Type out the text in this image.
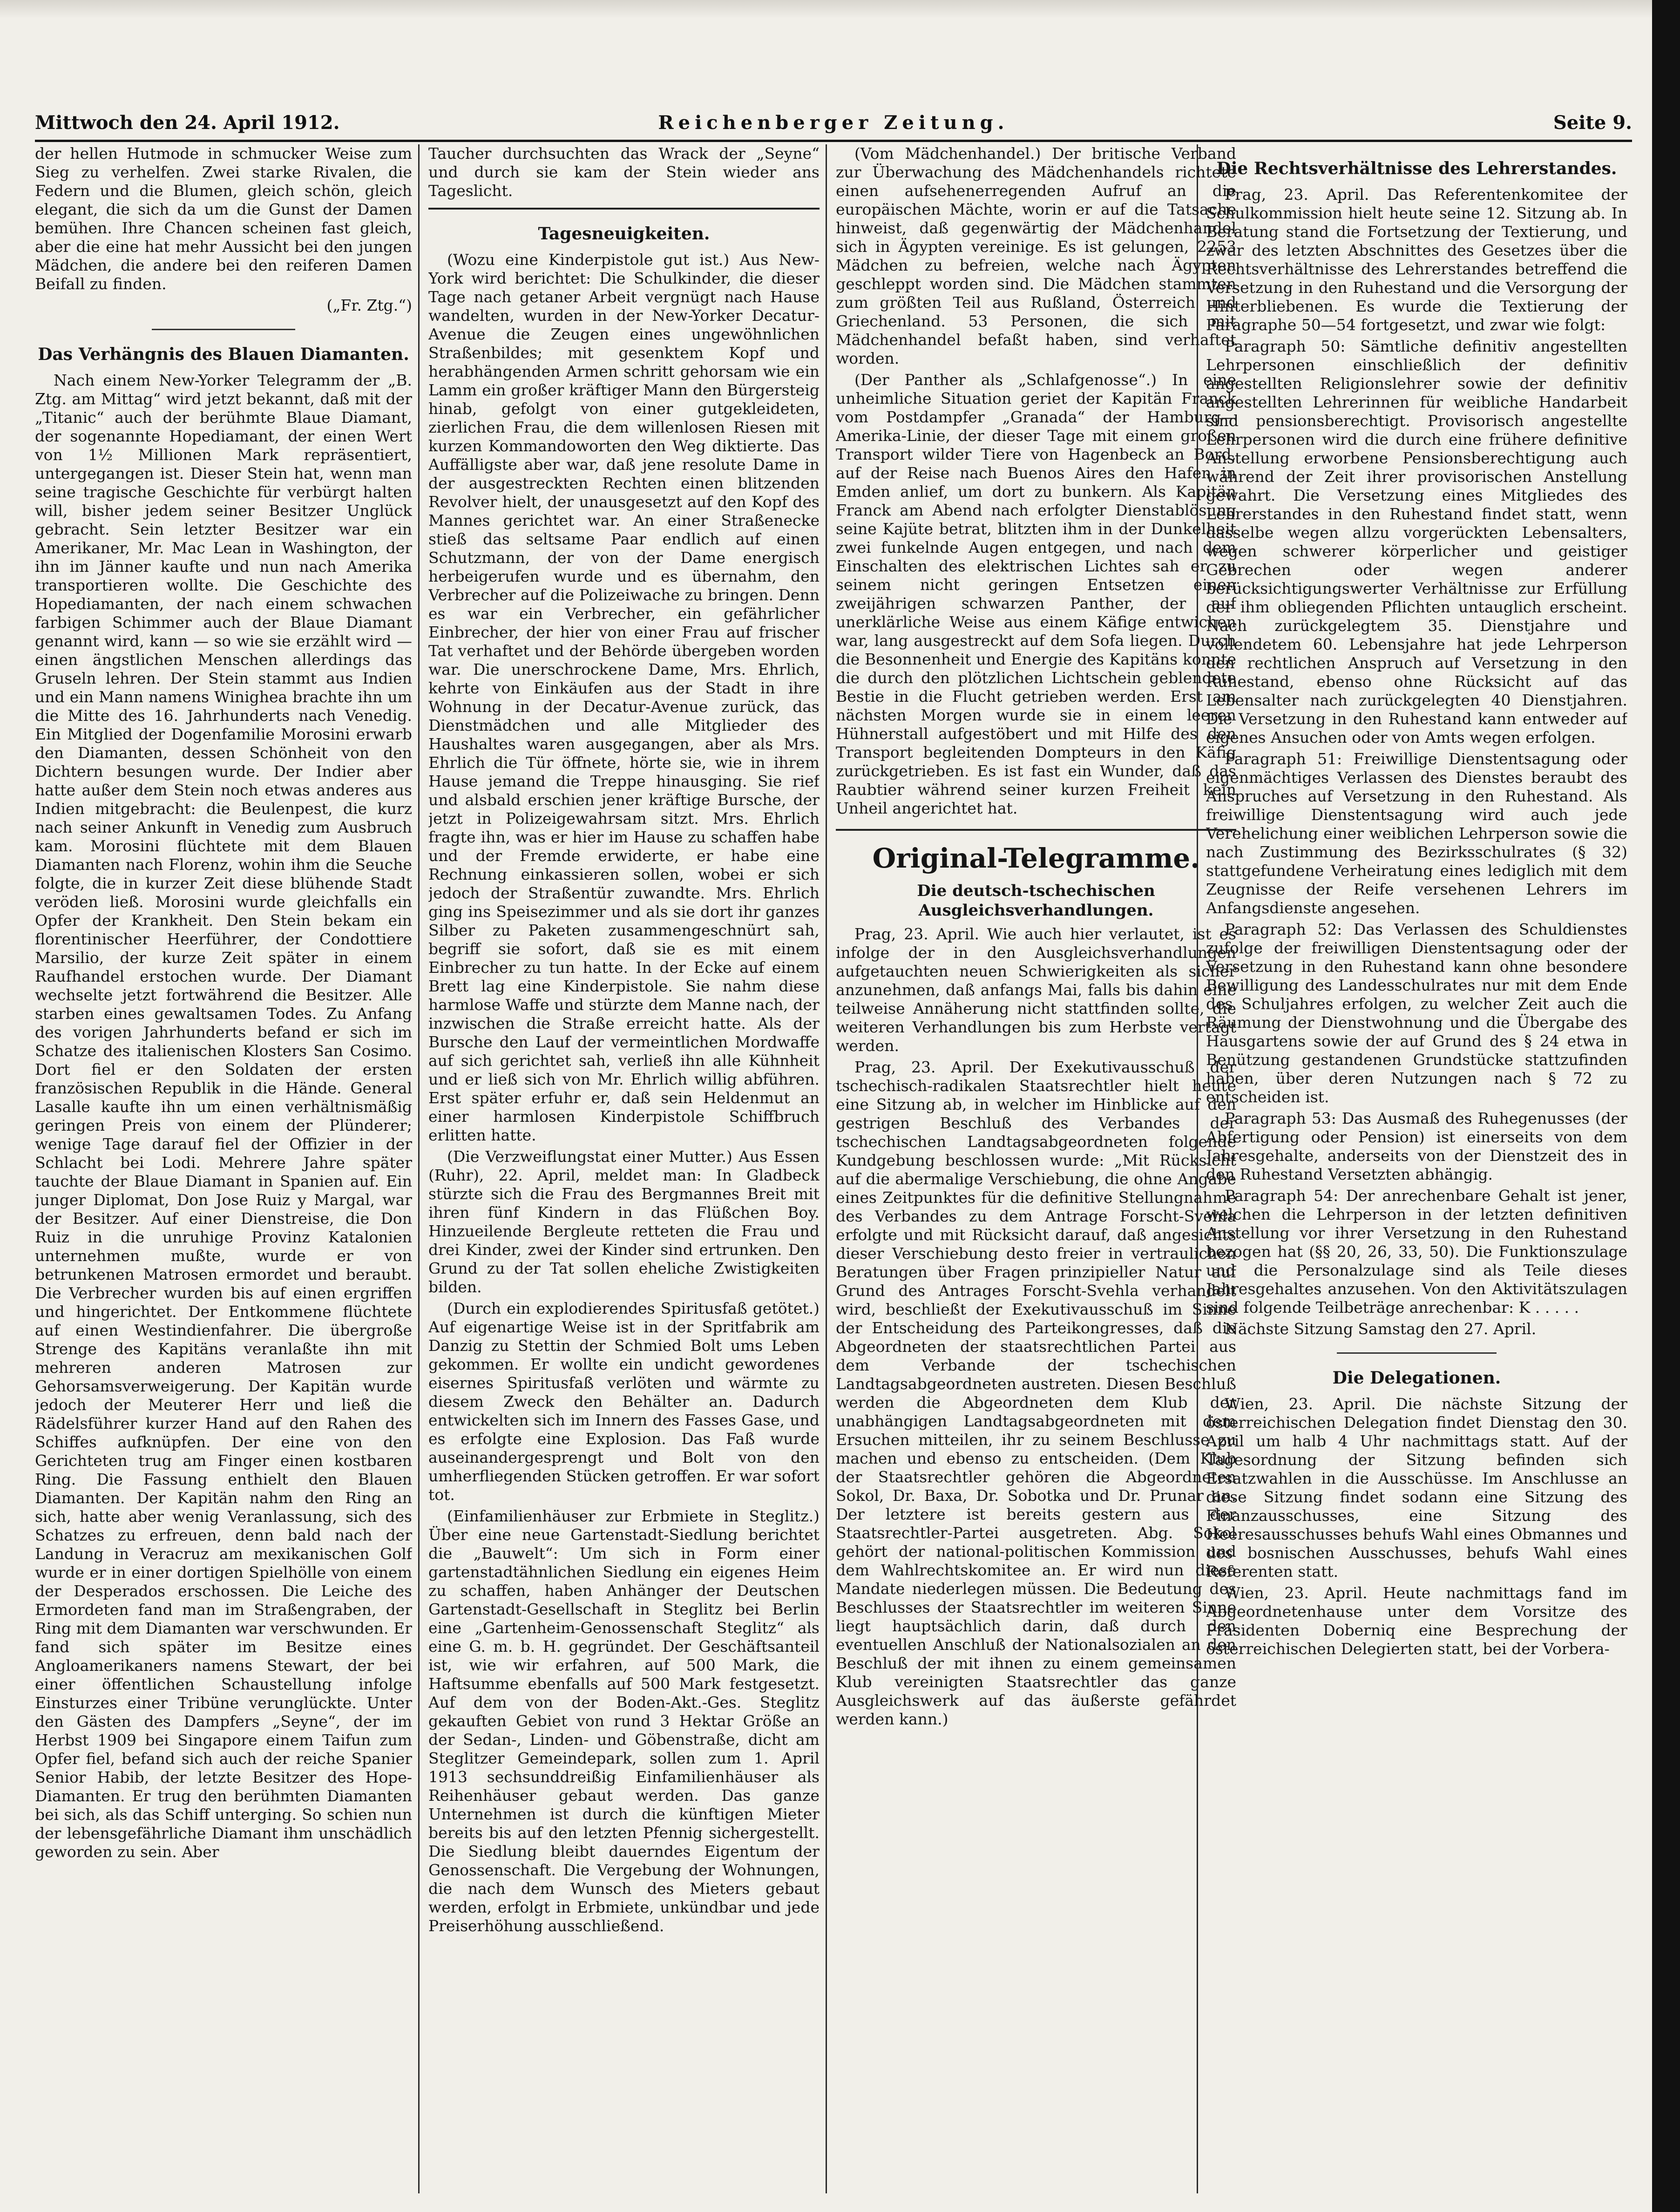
Mittwoch den 24. April 1912.	Reichenberger Zeitung.	Seite 9.

der hellen Hutmode in schmucker Weise zum Sieg zu verhelfen. Zwei starke Rivalen, die Federn und die Blumen, gleich schön, gleich elegant, die sich da um die Gunst der Damen bemühen. Ihre Chancen scheinen fast gleich, aber die eine hat mehr Aussicht bei den jungen Mädchen, die andere bei den reiferen Damen Beifall zu finden.

(„Fr. Ztg.“)

Das Verhängnis des Blauen Diamanten.

Nach einem New-Yorker Telegramm der „B. Ztg. am Mittag“ wird jetzt bekannt, daß mit der „Titanic“ auch der berühmte Blaue Diamant, der sogenannte Hopediamant, der einen Wert von 1½ Millionen Mark repräsentiert, untergegangen ist. Dieser Stein hat, wenn man seine tragische Geschichte für verbürgt halten will, bisher jedem seiner Besitzer Unglück gebracht. Sein letzter Besitzer war ein Amerikaner, Mr. Mac Lean in Washington, der ihn im Jänner kaufte und nun nach Amerika transportieren wollte. Die Geschichte des Hopediamanten, der nach einem schwachen farbigen Schimmer auch der Blaue Diamant genannt wird, kann — so wie sie erzählt wird — einen ängstlichen Menschen allerdings das Gruseln lehren. Der Stein stammt aus Indien und ein Mann namens Winighea brachte ihn um die Mitte des 16. Jahrhunderts nach Venedig. Ein Mitglied der Dogenfamilie Morosini erwarb den Diamanten, dessen Schönheit von den Dichtern besungen wurde. Der Indier aber hatte außer dem Stein noch etwas anderes aus Indien mitgebracht: die Beulenpest, die kurz nach seiner Ankunft in Venedig zum Ausbruch kam. Morosini flüchtete mit dem Blauen Diamanten nach Florenz, wohin ihm die Seuche folgte, die in kurzer Zeit diese blühende Stadt veröden ließ. Morosini wurde gleichfalls ein Opfer der Krankheit. Den Stein bekam ein florentinischer Heerführer, der Condottiere Marsilio, der kurze Zeit später in einem Raufhandel erstochen wurde. Der Diamant wechselte jetzt fortwährend die Besitzer. Alle starben eines gewaltsamen Todes. Zu Anfang des vorigen Jahrhunderts befand er sich im Schatze des italienischen Klosters San Cosimo. Dort fiel er den Soldaten der ersten französischen Republik in die Hände. General Lasalle kaufte ihn um einen verhältnismäßig geringen Preis von einem der Plünderer; wenige Tage darauf fiel der Offizier in der Schlacht bei Lodi. Mehrere Jahre später tauchte der Blaue Diamant in Spanien auf. Ein junger Diplomat, Don Jose Ruiz y Margal, war der Besitzer. Auf einer Dienstreise, die Don Ruiz in die unruhige Provinz Katalonien unternehmen mußte, wurde er von betrunkenen Matrosen ermordet und beraubt. Die Verbrecher wurden bis auf einen ergriffen und hingerichtet. Der Entkommene flüchtete auf einen Westindienfahrer. Die übergroße Strenge des Kapitäns veranlaßte ihn mit mehreren anderen Matrosen zur Gehorsamsverweigerung. Der Kapitän wurde jedoch der Meuterer Herr und ließ die Rädelsführer kurzer Hand auf den Rahen des Schiffes aufknüpfen. Der eine von den Gerichteten trug am Finger einen kostbaren Ring. Die Fassung enthielt den Blauen Diamanten. Der Kapitän nahm den Ring an sich, hatte aber wenig Veranlassung, sich des Schatzes zu erfreuen, denn bald nach der Landung in Veracruz am mexikanischen Golf wurde er in einer dortigen Spielhölle von einem der Desperados erschossen. Die Leiche des Ermordeten fand man im Straßengraben, der Ring mit dem Diamanten war verschwunden. Er fand sich später im Besitze eines Angloamerikaners namens Stewart, der bei einer öffentlichen Schaustellung infolge Einsturzes einer Tribüne verunglückte. Unter den Gästen des Dampfers „Seyne“, der im Herbst 1909 bei Singapore einem Taifun zum Opfer fiel, befand sich auch der reiche Spanier Senior Habib, der letzte Besitzer des Hope-Diamanten. Er trug den berühmten Diamanten bei sich, als das Schiff unterging. So schien nun der lebensgefährliche Diamant ihm unschädlich geworden zu sein. Aber

Taucher durchsuchten das Wrack der „Seyne“ und durch sie kam der Stein wieder ans Tageslicht.

Tagesneuigkeiten.

(Wozu eine Kinderpistole gut ist.) Aus New-York wird berichtet: Die Schulkinder, die dieser Tage nach getaner Arbeit vergnügt nach Hause wandelten, wurden in der New-Yorker Decatur-Avenue die Zeugen eines ungewöhnlichen Straßenbildes; mit gesenktem Kopf und herabhängenden Armen schritt gehorsam wie ein Lamm ein großer kräftiger Mann den Bürgersteig hinab, gefolgt von einer gutgekleideten, zierlichen Frau, die dem willenlosen Riesen mit kurzen Kommandoworten den Weg diktierte. Das Auffälligste aber war, daß jene resolute Dame in der ausgestreckten Rechten einen blitzenden Revolver hielt, der unausgesetzt auf den Kopf des Mannes gerichtet war. An einer Straßenecke stieß das seltsame Paar endlich auf einen Schutzmann, der von der Dame energisch herbeigerufen wurde und es übernahm, den Verbrecher auf die Polizeiwache zu bringen. Denn es war ein Verbrecher, ein gefährlicher Einbrecher, der hier von einer Frau auf frischer Tat verhaftet und der Behörde übergeben worden war. Die unerschrockene Dame, Mrs. Ehrlich, kehrte von Einkäufen aus der Stadt in ihre Wohnung in der Decatur-Avenue zurück, das Dienstmädchen und alle Mitglieder des Haushaltes waren ausgegangen, aber als Mrs. Ehrlich die Tür öffnete, hörte sie, wie in ihrem Hause jemand die Treppe hinausging. Sie rief und alsbald erschien jener kräftige Bursche, der jetzt in Polizeigewahrsam sitzt. Mrs. Ehrlich fragte ihn, was er hier im Hause zu schaffen habe und der Fremde erwiderte, er habe eine Rechnung einkassieren sollen, wobei er sich jedoch der Straßentür zuwandte. Mrs. Ehrlich ging ins Speisezimmer und als sie dort ihr ganzes Silber zu Paketen zusammengeschnürt sah, begriff sie sofort, daß sie es mit einem Einbrecher zu tun hatte. In der Ecke auf einem Brett lag eine Kinderpistole. Sie nahm diese harmlose Waffe und stürzte dem Manne nach, der inzwischen die Straße erreicht hatte. Als der Bursche den Lauf der vermeintlichen Mordwaffe auf sich gerichtet sah, verließ ihn alle Kühnheit und er ließ sich von Mr. Ehrlich willig abführen. Erst später erfuhr er, daß sein Heldenmut an einer harmlosen Kinderpistole Schiffbruch erlitten hatte.

(Die Verzweiflungstat einer Mutter.) Aus Essen (Ruhr), 22. April, meldet man: In Gladbeck stürzte sich die Frau des Bergmannes Breit mit ihren fünf Kindern in das Flüßchen Boy. Hinzueilende Bergleute retteten die Frau und drei Kinder, zwei der Kinder sind ertrunken. Den Grund zu der Tat sollen eheliche Zwistigkeiten bilden.

(Durch ein explodierendes Spiritusfaß getötet.) Auf eigenartige Weise ist in der Spritfabrik am Danzig zu Stettin der Schmied Bolt ums Leben gekommen. Er wollte ein undicht gewordenes eisernes Spiritusfaß verlöten und wärmte zu diesem Zweck den Behälter an. Dadurch entwickelten sich im Innern des Fasses Gase, und es erfolgte eine Explosion. Das Faß wurde auseinandergesprengt und Bolt von den umherfliegenden Stücken getroffen. Er war sofort tot.

(Einfamilienhäuser zur Erbmiete in Steglitz.) Über eine neue Gartenstadt-Siedlung berichtet die „Bauwelt“: Um sich in Form einer gartenstadtähnlichen Siedlung ein eigenes Heim zu schaffen, haben Anhänger der Deutschen Gartenstadt-Gesellschaft in Steglitz bei Berlin eine „Gartenheim-Genossenschaft Steglitz“ als eine G. m. b. H. gegründet. Der Geschäftsanteil ist, wie wir erfahren, auf 500 Mark, die Haftsumme ebenfalls auf 500 Mark festgesetzt. Auf dem von der Boden-Akt.-Ges. Steglitz gekauften Gebiet von rund 3 Hektar Größe an der Sedan-, Linden- und Göbenstraße, dicht am Steglitzer Gemeindepark, sollen zum 1. April 1913 sechsunddreißig Einfamilienhäuser als Reihenhäuser gebaut werden. Das ganze Unternehmen ist durch die künftigen Mieter bereits bis auf den letzten Pfennig sichergestellt. Die Siedlung bleibt dauerndes Eigentum der Genossenschaft. Die Vergebung der Wohnungen, die nach dem Wunsch des Mieters gebaut werden, erfolgt in Erbmiete, unkündbar und jede Preiserhöhung ausschließend.

(Vom Mädchenhandel.) Der britische Verband zur Überwachung des Mädchenhandels richtete einen aufsehenerregenden Aufruf an die europäischen Mächte, worin er auf die Tatsache hinweist, daß gegenwärtig der Mädchenhandel sich in Ägypten vereinige. Es ist gelungen, 2253 Mädchen zu befreien, welche nach Ägypten geschleppt worden sind. Die Mädchen stammten zum größten Teil aus Rußland, Österreich und Griechenland. 53 Personen, die sich mit Mädchenhandel befaßt haben, sind verhaftet worden.

(Der Panther als „Schlafgenosse“.) In eine unheimliche Situation geriet der Kapitän Franck vom Postdampfer „Granada“ der Hamburg—Amerika-Linie, der dieser Tage mit einem großen Transport wilder Tiere von Hagenbeck an Bord, auf der Reise nach Buenos Aires den Hafen in Emden anlief, um dort zu bunkern. Als Kapitän Franck am Abend nach erfolgter Dienstablösung seine Kajüte betrat, blitzten ihm in der Dunkelheit zwei funkelnde Augen entgegen, und nach dem Einschalten des elektrischen Lichtes sah er zu seinem nicht geringen Entsetzen einen zweijährigen schwarzen Panther, der auf unerklärliche Weise aus einem Käfige entwichen war, lang ausgestreckt auf dem Sofa liegen. Durch die Besonnenheit und Energie des Kapitäns konnte die durch den plötzlichen Lichtschein geblendete Bestie in die Flucht getrieben werden. Erst am nächsten Morgen wurde sie in einem leeren Hühnerstall aufgestöbert und mit Hilfe des den Transport begleitenden Dompteurs in den Käfig zurückgetrieben. Es ist fast ein Wunder, daß das Raubtier während seiner kurzen Freiheit kein Unheil angerichtet hat.

Original-Telegramme.
Die deutsch-tschechischen Ausgleichsverhandlungen.

Prag, 23. April. Wie auch hier verlautet, ist es infolge der in den Ausgleichsverhandlungen aufgetauchten neuen Schwierigkeiten als sicher anzunehmen, daß anfangs Mai, falls bis dahin eine teilweise Annäherung nicht stattfinden sollte, die weiteren Verhandlungen bis zum Herbste vertagt werden.

Prag, 23. April. Der Exekutivausschuß der tschechisch-radikalen Staatsrechtler hielt heute eine Sitzung ab, in welcher im Hinblicke auf den gestrigen Beschluß des Verbandes der tschechischen Landtagsabgeordneten folgende Kundgebung beschlossen wurde: „Mit Rücksicht auf die abermalige Verschiebung, die ohne Angabe eines Zeitpunktes für die definitive Stellungnahme des Verbandes zu dem Antrage Forscht-Svehla erfolgte und mit Rücksicht darauf, daß angesichts dieser Verschiebung desto freier in vertraulichen Beratungen über Fragen prinzipieller Natur auf Grund des Antrages Forscht-Svehla verhandelt wird, beschließt der Exekutivausschuß im Sinne der Entscheidung des Parteikongresses, daß die Abgeordneten der staatsrechtlichen Partei aus dem Verbande der tschechischen Landtagsabgeordneten austreten. Diesen Beschluß werden die Abgeordneten dem Klub der unabhängigen Landtagsabgeordneten mit dem Ersuchen mitteilen, ihr zu seinem Beschlusse zu machen und ebenso zu entscheiden. (Dem Klub der Staatsrechtler gehören die Abgeordneten Sokol, Dr. Baxa, Dr. Sobotka und Dr. Prunar an. Der letztere ist bereits gestern aus der Staatsrechtler-Partei ausgetreten. Abg. Sokol gehört der national-politischen Kommission und dem Wahlrechtskomitee an. Er wird nun diese Mandate niederlegen müssen. Die Bedeutung des Beschlusses der Staatsrechtler im weiteren Sinne liegt hauptsächlich darin, daß durch den eventuellen Anschluß der Nationalsozialen an den Beschluß der mit ihnen zu einem gemeinsamen Klub vereinigten Staatsrechtler das ganze Ausgleichswerk auf das äußerste gefährdet werden kann.)

Die Rechtsverhältnisse des Lehrerstandes.

Prag, 23. April. Das Referentenkomitee der Schulkommission hielt heute seine 12. Sitzung ab. In Beratung stand die Fortsetzung der Textierung, und zwar des letzten Abschnittes des Gesetzes über die Rechtsverhältnisse des Lehrerstandes betreffend die Versetzung in den Ruhestand und die Versorgung der Hinterbliebenen. Es wurde die Textierung der Paragraphe 50—54 fortgesetzt, und zwar wie folgt:

Paragraph 50: Sämtliche definitiv angestellten Lehrpersonen einschließlich der definitiv angestellten Religionslehrer sowie der definitiv angestellten Lehrerinnen für weibliche Handarbeit sind pensionsberechtigt. Provisorisch angestellte Lehrpersonen wird die durch eine frühere definitive Anstellung erworbene Pensionsberechtigung auch während der Zeit ihrer provisorischen Anstellung gewahrt. Die Versetzung eines Mitgliedes des Lehrerstandes in den Ruhestand findet statt, wenn dasselbe wegen allzu vorgerückten Lebensalters, wegen schwerer körperlicher und geistiger Gebrechen oder wegen anderer berücksichtigungswerter Verhältnisse zur Erfüllung der ihm obliegenden Pflichten untauglich erscheint. Nach zurückgelegtem 35. Dienstjahre und vollendetem 60. Lebensjahre hat jede Lehrperson den rechtlichen Anspruch auf Versetzung in den Ruhestand, ebenso ohne Rücksicht auf das Lebensalter nach zurückgelegten 40 Dienstjahren. Die Versetzung in den Ruhestand kann entweder auf eigenes Ansuchen oder von Amts wegen erfolgen.

Paragraph 51: Freiwillige Dienstentsagung oder eigenmächtiges Verlassen des Dienstes beraubt des Anspruches auf Versetzung in den Ruhestand. Als freiwillige Dienstentsagung wird auch jede Verehelichung einer weiblichen Lehrperson sowie die nach Zustimmung des Bezirksschulrates (§ 32) stattgefundene Verheiratung eines lediglich mit dem Zeugnisse der Reife versehenen Lehrers im Anfangsdienste angesehen.

Paragraph 52: Das Verlassen des Schuldienstes zufolge der freiwilligen Dienstentsagung oder der Versetzung in den Ruhestand kann ohne besondere Bewilligung des Landesschulrates nur mit dem Ende des Schuljahres erfolgen, zu welcher Zeit auch die Räumung der Dienstwohnung und die Übergabe des Hausgartens sowie der auf Grund des § 24 etwa in Benützung gestandenen Grundstücke stattzufinden haben, über deren Nutzungen nach § 72 zu entscheiden ist.

Paragraph 53: Das Ausmaß des Ruhegenusses (der Abfertigung oder Pension) ist einerseits von dem Jahresgehalte, anderseits von der Dienstzeit des in den Ruhestand Versetzten abhängig.

Paragraph 54: Der anrechenbare Gehalt ist jener, welchen die Lehrperson in der letzten definitiven Anstellung vor ihrer Versetzung in den Ruhestand bezogen hat (§§ 20, 26, 33, 50). Die Funktionszulage und die Personalzulage sind als Teile dieses Jahresgehaltes anzusehen. Von den Aktivitätszulagen sind folgende Teilbeträge anrechenbar: K . . . . .

Nächste Sitzung Samstag den 27. April.

Die Delegationen.

Wien, 23. April. Die nächste Sitzung der österreichischen Delegation findet Dienstag den 30. April um halb 4 Uhr nachmittags statt. Auf der Tagesordnung der Sitzung befinden sich Ersatzwahlen in die Ausschüsse. Im Anschlusse an diese Sitzung findet sodann eine Sitzung des Finanzausschusses, eine Sitzung des Heeresausschusses behufs Wahl eines Obmannes und des bosnischen Ausschusses, behufs Wahl eines Referenten statt.

Wien, 23. April. Heute nachmittags fand im Abgeordnetenhause unter dem Vorsitze des Präsidenten Doberniq eine Besprechung der österreichischen Delegierten statt, bei der Vorbera-
